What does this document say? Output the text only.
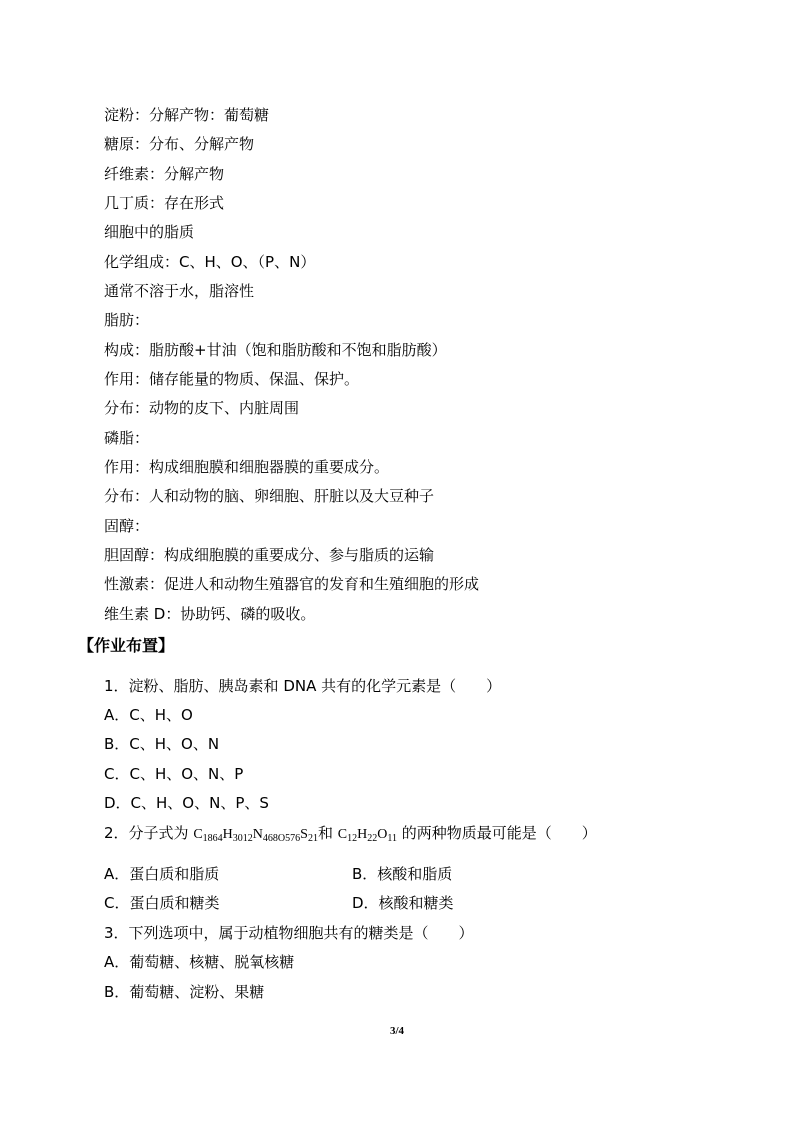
淀粉：分解产物：葡萄糖
糖原：分布、分解产物
纤维素：分解产物
几丁质：存在形式
细胞中的脂质
化学组成：C、H、O、（P、N）
通常不溶于水，脂溶性
脂肪：
构成：脂肪酸+甘油（饱和脂肪酸和不饱和脂肪酸）
作用：储存能量的物质、保温、保护。
分布：动物的皮下、内脏周围
磷脂：
作用：构成细胞膜和细胞器膜的重要成分。
分布：人和动物的脑、卵细胞、肝脏以及大豆种子
固醇：
胆固醇：构成细胞膜的重要成分、参与脂质的运输
性激素：促进人和动物生殖器官的发育和生殖细胞的形成
维生素 D：协助钙、磷的吸收。
【作业布置】
1．淀粉、脂肪、胰岛素和 DNA 共有的化学元素是（　　）
A．C、H、O
B．C、H、O、N
C．C、H、O、N、P
D．C、H、O、N、P、S
2．分子式为 $C_{1864}H_{3012}N_{468O576}S_{21}$和 $C_{12}H_{22}O_{11}$ 的两种物质最可能是（　　）
A．蛋白质和脂质	B．核酸和脂质
C．蛋白质和糖类	D．核酸和糖类
3．下列选项中，属于动植物细胞共有的糖类是（　　）
A．葡萄糖、核糖、脱氧核糖
B．葡萄糖、淀粉、果糖
3/4
